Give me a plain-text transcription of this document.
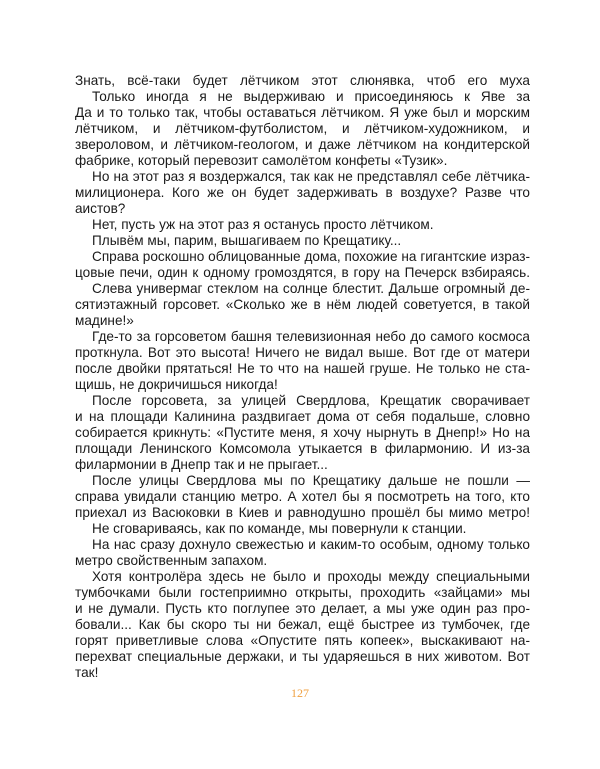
Знать, всё-таки будет лётчиком этот слюнявка, чтоб его муха
Только иногда я не выдерживаю и присоединяюсь к Яве за
Да и то только так, чтобы оставаться лётчиком. Я уже был и морским
лётчиком, и лётчиком-футболистом, и лётчиком-художником, и
звероловом, и лётчиком-геологом, и даже лётчиком на кондитерской
фабрике, который перевозит самолётом конфеты «Тузик».
Но на этот раз я воздержался, так как не представлял себе лётчика-
милиционера. Кого же он будет задерживать в воздухе? Разве что
аистов?
Нет, пусть уж на этот раз я останусь просто лётчиком.
Плывём мы, парим, вышагиваем по Крещатику...
Справа роскошно облицованные дома, похожие на гигантские израз-
цовые печи, один к одному громоздятся, в гору на Печерск взбираясь.
Слева универмаг стеклом на солнце блестит. Дальше огромный де-
сятиэтажный горсовет. «Сколько же в нём людей советуется, в такой
мадине!»
Где-то за горсоветом башня телевизионная небо до самого космоса
проткнула. Вот это высота! Ничего не видал выше. Вот где от матери
после двойки прятаться! Не то что на нашей груше. Не только не ста-
щишь, не докричишься никогда!
После горсовета, за улицей Свердлова, Крещатик сворачивает
и на площади Калинина раздвигает дома от себя подальше, словно
собирается крикнуть: «Пустите меня, я хочу нырнуть в Днепр!» Но на
площади Ленинского Комсомола утыкается в филармонию. И из-за
филармонии в Днепр так и не прыгает...
После улицы Свердлова мы по Крещатику дальше не пошли —
справа увидали станцию метро. А хотел бы я посмотреть на того, кто
приехал из Васюковки в Киев и равнодушно прошёл бы мимо метро!
Не сговариваясь, как по команде, мы повернули к станции.
На нас сразу дохнуло свежестью и каким-то особым, одному только
метро свойственным запахом.
Хотя контролёра здесь не было и проходы между специальными
тумбочками были гостеприимно открыты, проходить «зайцами» мы
и не думали. Пусть кто поглупее это делает, а мы уже один раз про-
бовали... Как бы скоро ты ни бежал, ещё быстрее из тумбочек, где
горят приветливые слова «Опустите пять копеек», выскакивают на-
перехват специальные держаки, и ты ударяешься в них животом. Вот
так!
127
